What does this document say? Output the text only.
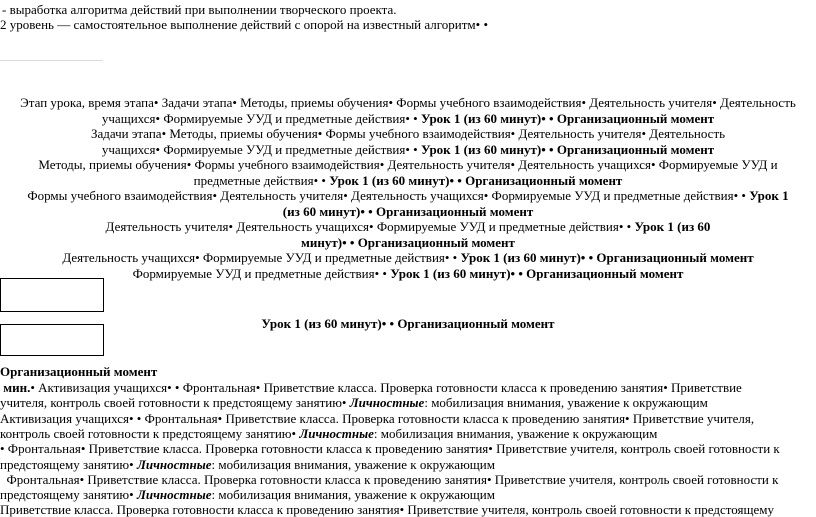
- выработка алгоритма действий при выполнении творческого проекта.
2 уровень — самостоятельное выполнение действий с опорой на известный алгоритм• •
Этап урока, время этапа• Задачи этапа• Методы, приемы обучения• Формы учебного взаимодействия• Деятельность учителя• Деятельность
учащихся• Формируемые УУД и предметные действия• • Урок 1 (из 60 минут)• • Организационный момент
Задачи этапа• Методы, приемы обучения• Формы учебного взаимодействия• Деятельность учителя• Деятельность
учащихся• Формируемые УУД и предметные действия• • Урок 1 (из 60 минут)• • Организационный момент
Методы, приемы обучения• Формы учебного взаимодействия• Деятельность учителя• Деятельность учащихся• Формируемые УУД и
предметные действия• • Урок 1 (из 60 минут)• • Организационный момент
Формы учебного взаимодействия• Деятельность учителя• Деятельность учащихся• Формируемые УУД и предметные действия• • Урок 1
(из 60 минут)• • Организационный момент
Деятельность учителя• Деятельность учащихся• Формируемые УУД и предметные действия• • Урок 1 (из 60
минут)• • Организационный момент
Деятельность учащихся• Формируемые УУД и предметные действия• • Урок 1 (из 60 минут)• • Организационный момент
Формируемые УУД и предметные действия• • Урок 1 (из 60 минут)• • Организационный момент
Урок 1 (из 60 минут)• • Организационный момент
Организационный момент
мин.• Активизация учащихся• • Фронтальная• Приветствие класса. Проверка готовности класса к проведению занятия• Приветствие
учителя, контроль своей готовности к предстоящему занятию• Личностные: мобилизация внимания, уважение к окружающим
Активизация учащихся• • Фронтальная• Приветствие класса. Проверка готовности класса к проведению занятия• Приветствие учителя,
контроль своей готовности к предстоящему занятию• Личностные: мобилизация внимания, уважение к окружающим
• Фронтальная• Приветствие класса. Проверка готовности класса к проведению занятия• Приветствие учителя, контроль своей готовности к
предстоящему занятию• Личностные: мобилизация внимания, уважение к окружающим
Фронтальная• Приветствие класса. Проверка готовности класса к проведению занятия• Приветствие учителя, контроль своей готовности к
предстоящему занятию• Личностные: мобилизация внимания, уважение к окружающим
Приветствие класса. Проверка готовности класса к проведению занятия• Приветствие учителя, контроль своей готовности к предстоящему
